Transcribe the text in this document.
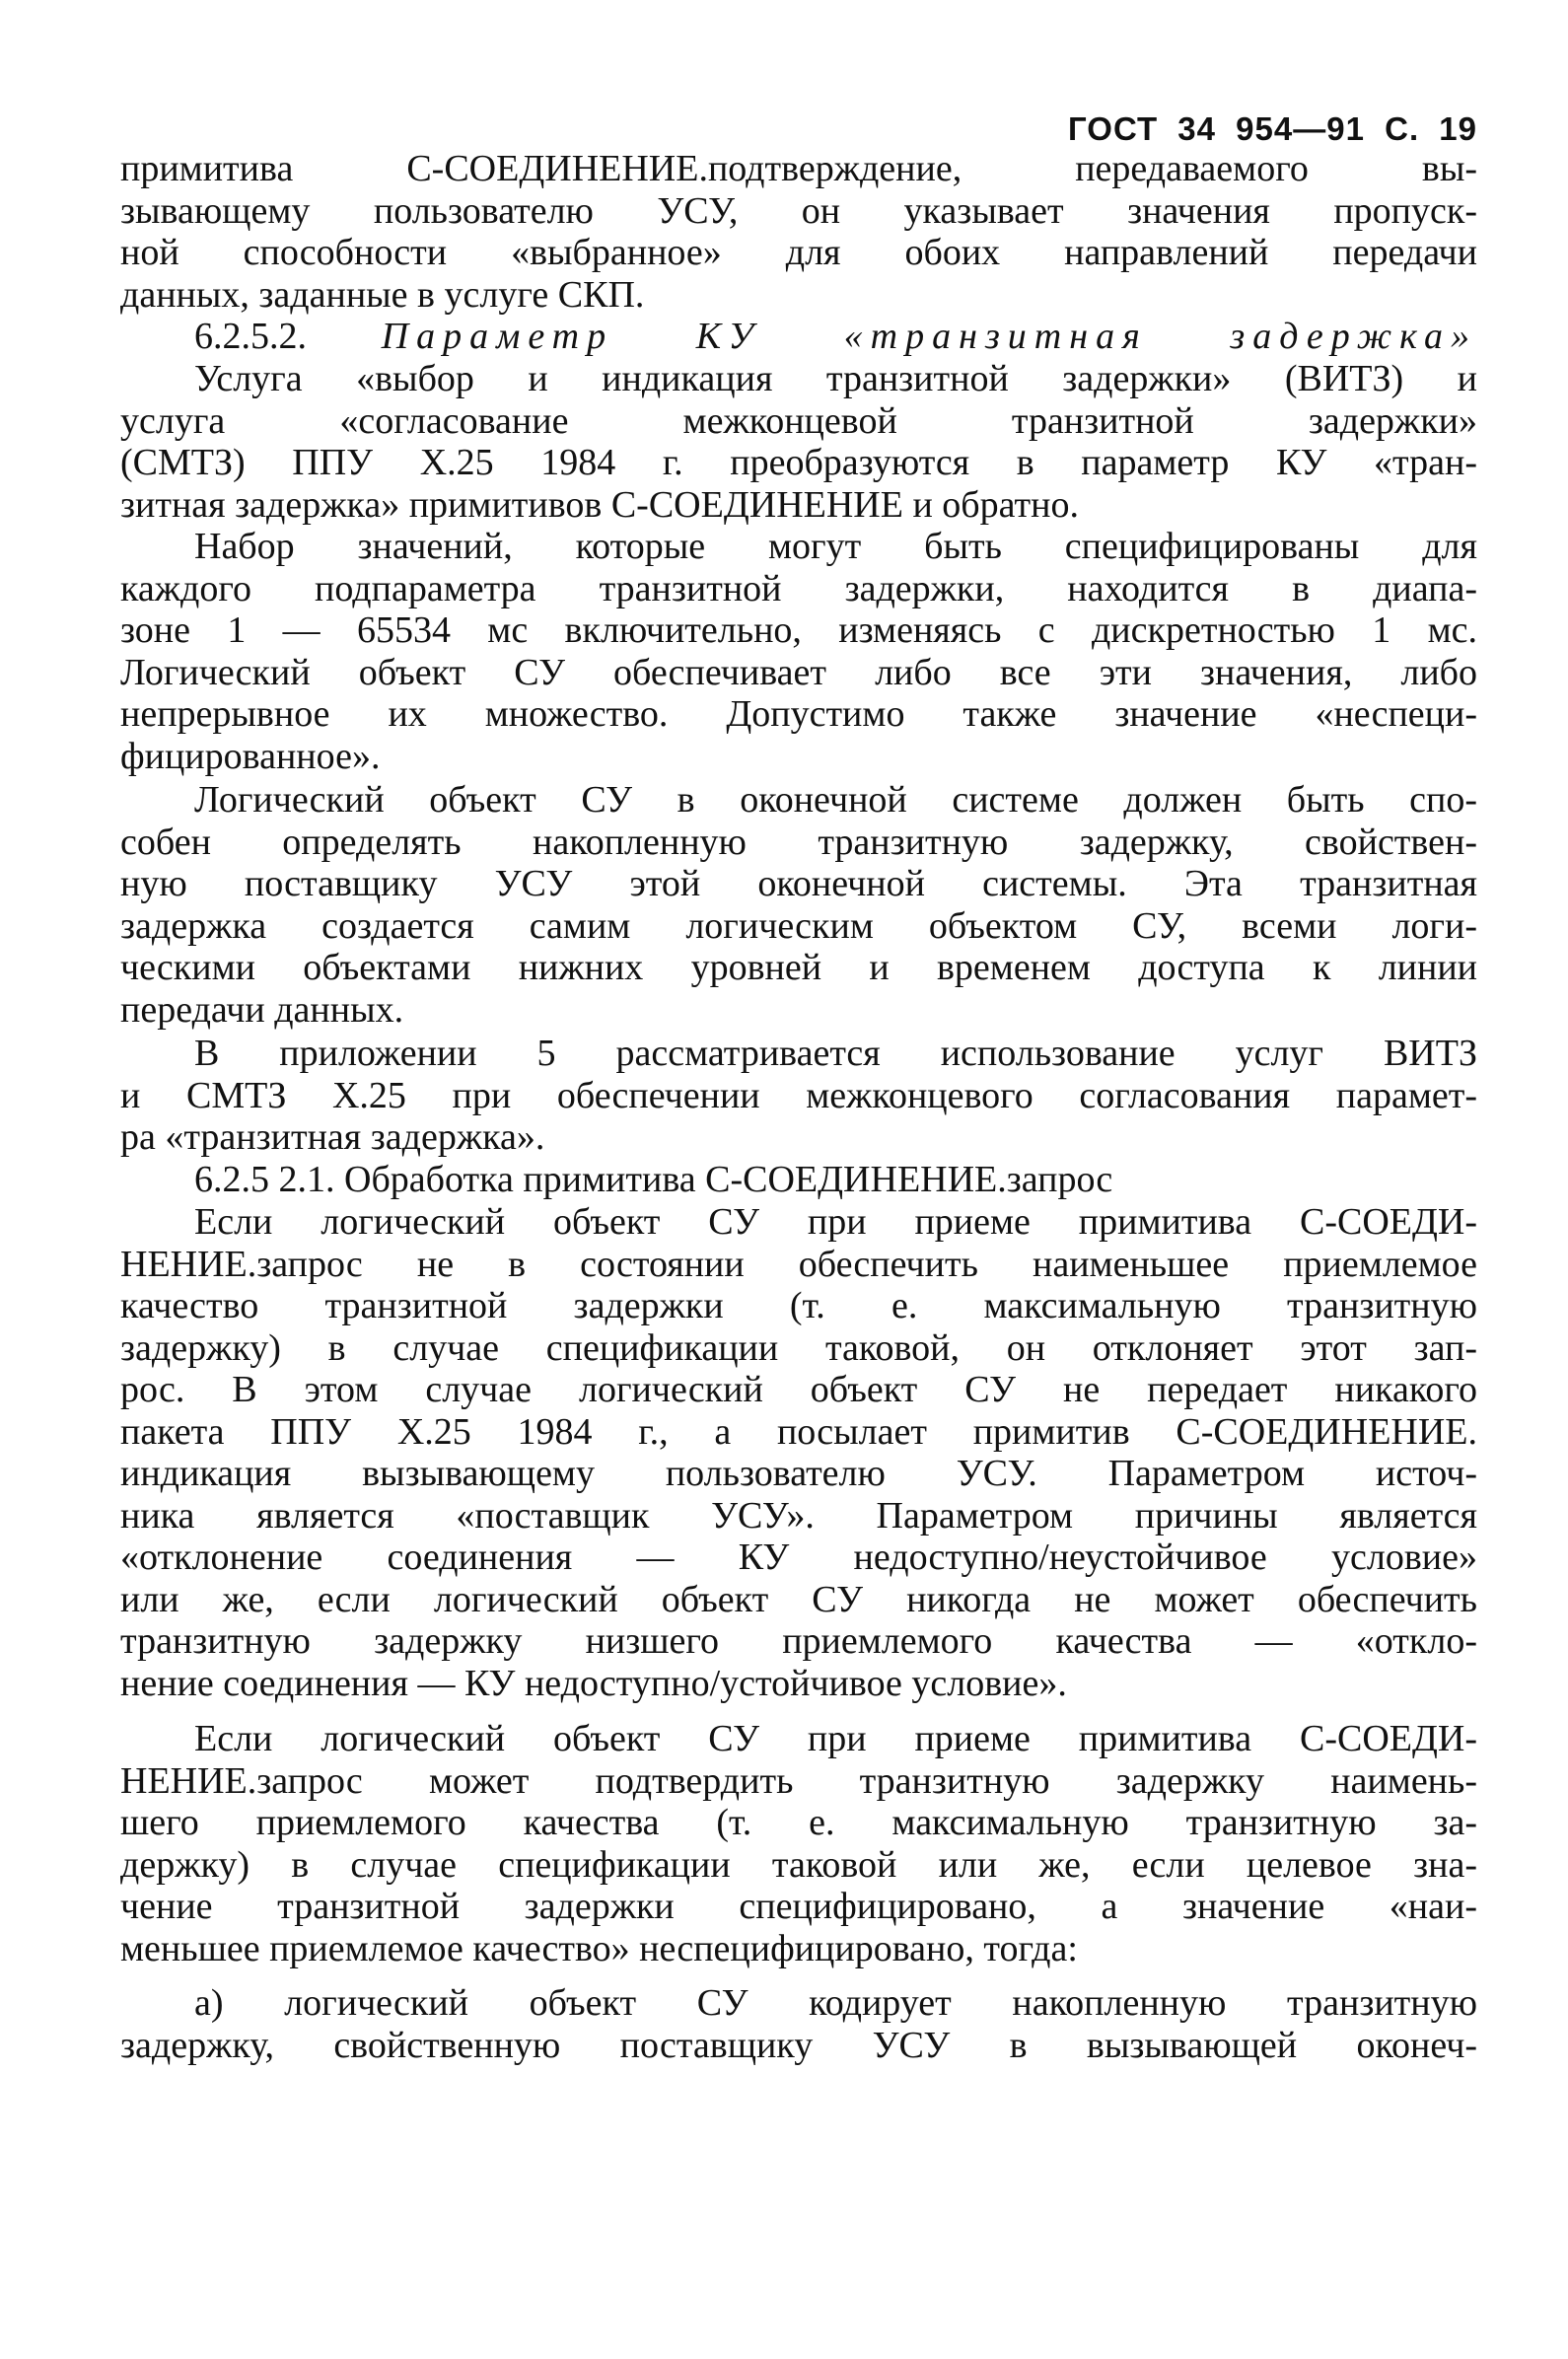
ГОСТ 34 954—91 С. 19
примитива С-СОЕДИНЕНИЕ.подтверждение, передаваемого вы-
зывающему пользователю УСУ, он указывает значения пропуск-
ной способности «выбранное» для обоих направлений передачи
данных, заданные в услуге СКП.
6.2.5.2. Параметр КУ «транзитная задержка»
Услуга «выбор и индикация транзитной задержки» (ВИТЗ) и
услуга «согласование межконцевой транзитной задержки»
(СМТЗ) ППУ Х.25 1984 г. преобразуются в параметр КУ «тран-
зитная задержка» примитивов С-СОЕДИНЕНИЕ и обратно.
Набор значений, которые могут быть специфицированы для
каждого подпараметра транзитной задержки, находится в диапа-
зоне 1 — 65534 мс включительно, изменяясь с дискретностью 1 мс.
Логический объект СУ обеспечивает либо все эти значения, либо
непрерывное их множество. Допустимо также значение «неспеци-
фицированное».
Логический объект СУ в оконечной системе должен быть спо-
собен определять накопленную транзитную задержку, свойствен-
ную поставщику УСУ этой оконечной системы. Эта транзитная
задержка создается самим логическим объектом СУ, всеми логи-
ческими объектами нижних уровней и временем доступа к линии
передачи данных.
В приложении 5 рассматривается использование услуг ВИТЗ
и СМТЗ Х.25 при обеспечении межконцевого согласования парамет-
ра «транзитная задержка».
6.2.5 2.1. Обработка примитива С-СОЕДИНЕНИЕ.запрос
Если логический объект СУ при приеме примитива С-СОЕДИ-
НЕНИЕ.запрос не в состоянии обеспечить наименьшее приемлемое
качество транзитной задержки (т. е. максимальную транзитную
задержку) в случае спецификации таковой, он отклоняет этот зап-
рос. В этом случае логический объект СУ не передает никакого
пакета ППУ Х.25 1984 г., а посылает примитив С-СОЕДИНЕНИЕ.
индикация вызывающему пользователю УСУ. Параметром источ-
ника является «поставщик УСУ». Параметром причины является
«отклонение соединения — КУ недоступно/неустойчивое условие»
или же, если логический объект СУ никогда не может обеспечить
транзитную задержку низшего приемлемого качества — «откло-
нение соединения — КУ недоступно/устойчивое условие».
Если логический объект СУ при приеме примитива С-СОЕДИ-
НЕНИЕ.запрос может подтвердить транзитную задержку наимень-
шего приемлемого качества (т. е. максимальную транзитную за-
держку) в случае спецификации таковой или же, если целевое зна-
чение транзитной задержки специфицировано, а значение «наи-
меньшее приемлемое качество» неспецифицировано, тогда:
а) логический объект СУ кодирует накопленную транзитную
задержку, свойственную поставщику УСУ в вызывающей оконеч-
